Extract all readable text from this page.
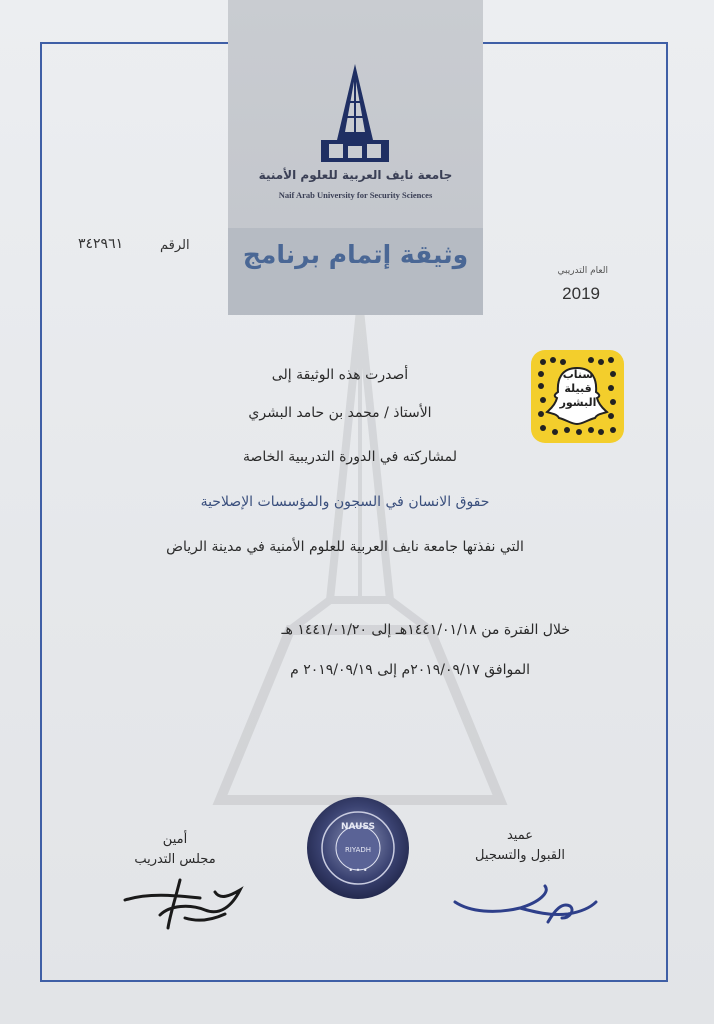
جامعة نايف العربية للعلوم الأمنية
Naif Arab University for Security Sciences
وثيقة إتمام برنامج
الرقم
٣٤٢٩٦١
العام التدريبي
2019
سناب
قبيلة
البشور
أصدرت هذه الوثيقة إلى
الأستاذ / محمد بن حامد البشري
لمشاركته في الدورة التدريبية الخاصة
حقوق الانسان في السجون والمؤسسات الإصلاحية
التي نفذتها جامعة نايف العربية للعلوم الأمنية في مدينة الرياض
خلال الفترة من ١٤٤١/٠١/١٨هـ إلى ١٤٤١/٠١/٢٠ هـ
الموافق ٢٠١٩/٠٩/١٧م إلى ٢٠١٩/٠٩/١٩ م
أمين
مجلس التدريب
عميد
القبول والتسجيل
NAUSS
RIYADH
• • •
